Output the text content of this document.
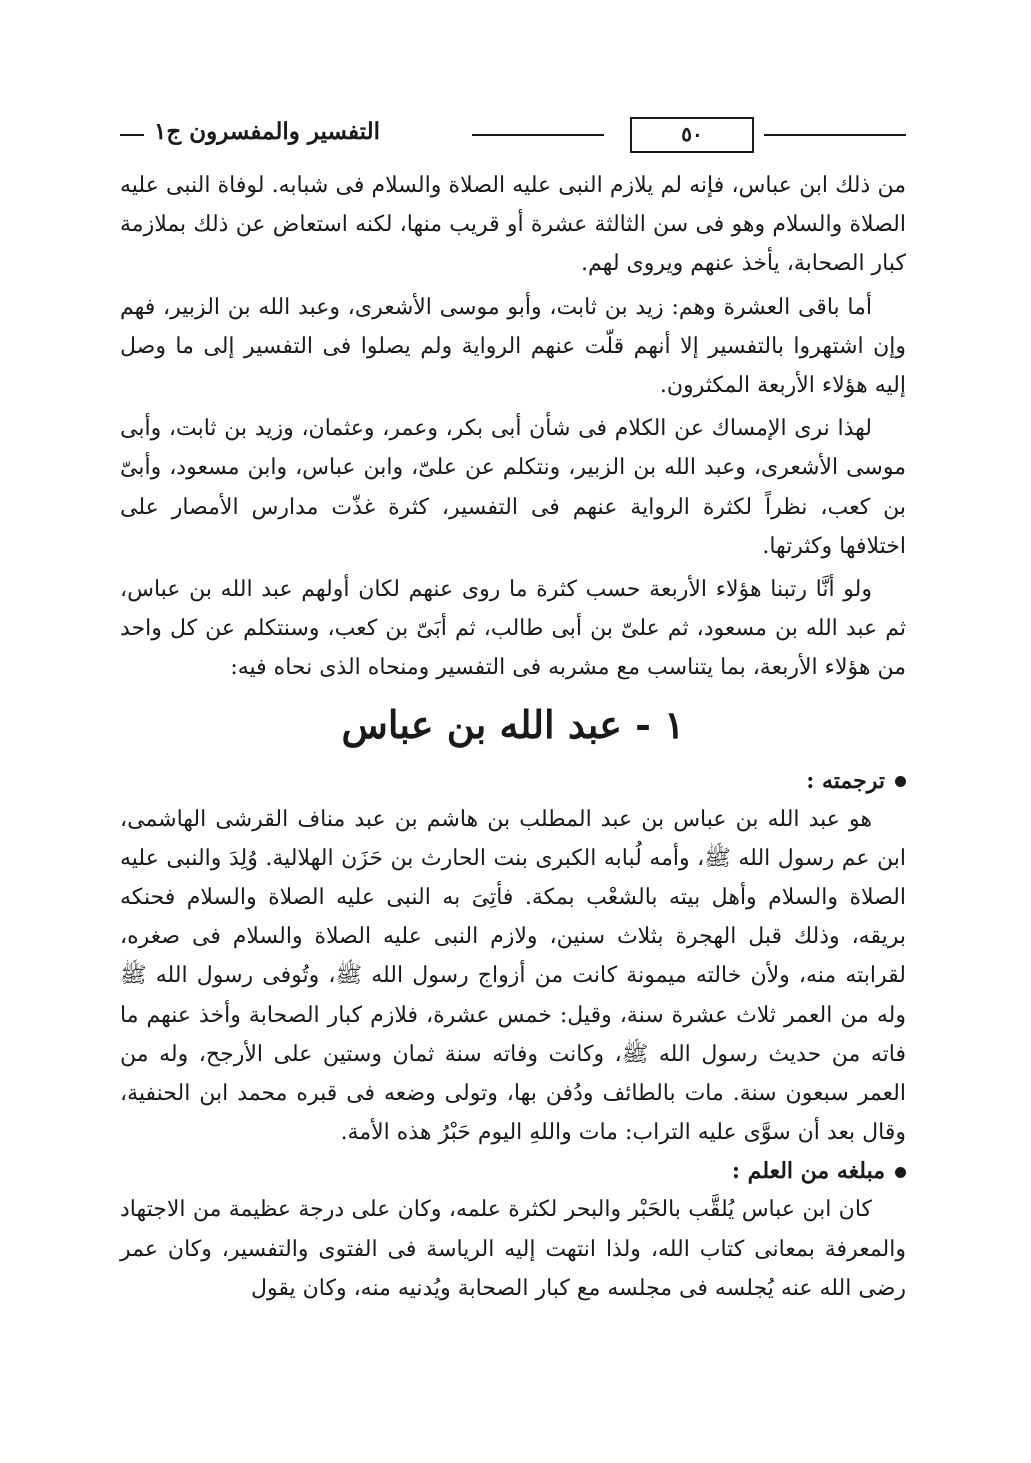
٥٠
التفسير والمفسرون ج١

من ذلك ابن عباس، فإنه لم يلازم النبى عليه الصلاة والسلام فى شبابه. لوفاة النبى عليه الصلاة والسلام وهو فى سن الثالثة عشرة أو قريب منها، لكنه استعاض عن ذلك بملازمة كبار الصحابة، يأخذ عنهم ويروى لهم.

أما باقى العشرة وهم: زيد بن ثابت، وأبو موسى الأشعرى، وعبد الله بن الزبير، فهم وإن اشتهروا بالتفسير إلا أنهم قلّت عنهم الرواية ولم يصلوا فى التفسير إلى ما وصل إليه هؤلاء الأربعة المكثرون.

لهذا نرى الإمساك عن الكلام فى شأن أبى بكر، وعمر، وعثمان، وزيد بن ثابت، وأبى موسى الأشعرى، وعبد الله بن الزبير، ونتكلم عن علىّ، وابن عباس، وابن مسعود، وأبىّ بن كعب، نظراً لكثرة الرواية عنهم فى التفسير، كثرة غذّت مدارس الأمصار على اختلافها وكثرتها.

ولو أنَّا رتبنا هؤلاء الأربعة حسب كثرة ما روى عنهم لكان أولهم عبد الله بن عباس، ثم عبد الله بن مسعود، ثم علىّ بن أبى طالب، ثم أبَىّ بن كعب، وسنتكلم عن كل واحد من هؤلاء الأربعة، بما يتناسب مع مشربه فى التفسير ومنحاه الذى نحاه فيه:

١ - عبد الله بن عباس

ترجمته :

هو عبد الله بن عباس بن عبد المطلب بن هاشم بن عبد مناف القرشى الهاشمى، ابن عم رسول الله ﷺ، وأمه لُبابه الكبرى بنت الحارث بن حَزَن الهلالية. وُلِدَ والنبى عليه الصلاة والسلام وأهل بيته بالشعْب بمكة. فأتِىَ به النبى عليه الصلاة والسلام فحنكه بريقه، وذلك قبل الهجرة بثلاث سنين، ولازم النبى عليه الصلاة والسلام فى صغره، لقرابته منه، ولأن خالته ميمونة كانت من أزواج رسول الله ﷺ، وتُوفى رسول الله ﷺ وله من العمر ثلاث عشرة سنة، وقيل: خمس عشرة، فلازم كبار الصحابة وأخذ عنهم ما فاته من حديث رسول الله ﷺ، وكانت وفاته سنة ثمان وستين على الأرجح، وله من العمر سبعون سنة. مات بالطائف ودُفن بها، وتولى وضعه فى قبره محمد ابن الحنفية، وقال بعد أن سوَّى عليه التراب: مات واللهِ اليوم حَبْرُ هذه الأمة.

مبلغه من العلم :

كان ابن عباس يُلقَّب بالحَبْر والبحر لكثرة علمه، وكان على درجة عظيمة من الاجتهاد والمعرفة بمعانى كتاب الله، ولذا انتهت إليه الرياسة فى الفتوى والتفسير، وكان عمر رضى الله عنه يُجلسه فى مجلسه مع كبار الصحابة ويُدنيه منه، وكان يقول
